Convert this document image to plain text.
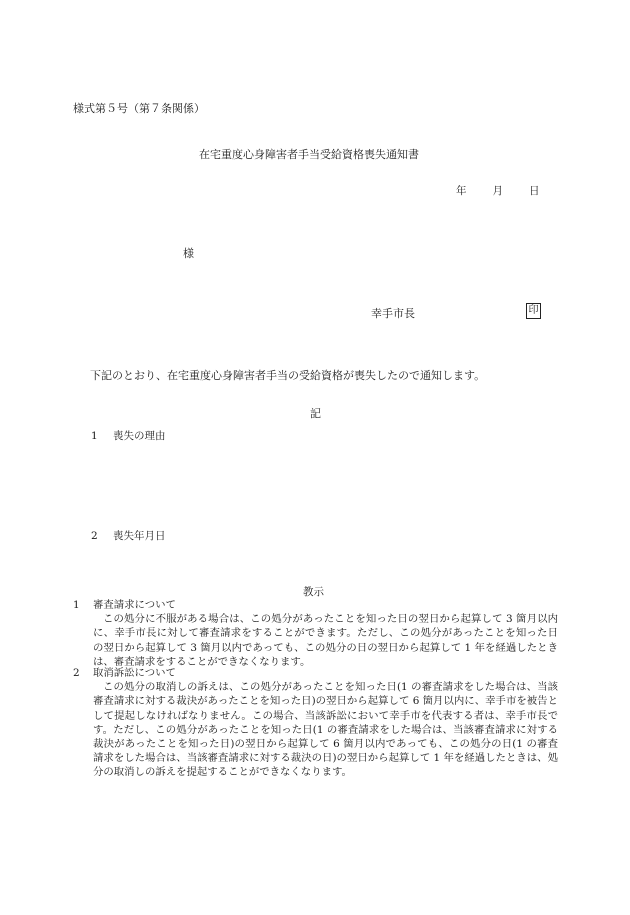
様式第５号（第７条関係）
在宅重度心身障害者手当受給資格喪失通知書
年 月 日
様
幸手市長	印
下記のとおり、在宅重度心身障害者手当の受給資格が喪失したので通知します。
記
1 喪失の理由
2 喪失年月日
教示
1 審査請求について
この処分に不服がある場合は、この処分があったことを知った日の翌日から起算して 3 箇月以内に、幸手市長に対して審査請求をすることができます。ただし、この処分があったことを知った日の翌日から起算して 3 箇月以内であっても、この処分の日の翌日から起算して 1 年を経過したときは、審査請求をすることができなくなります。
2 取消訴訟について
この処分の取消しの訴えは、この処分があったことを知った日(1 の審査請求をした場合は、当該審査請求に対する裁決があったことを知った日)の翌日から起算して 6 箇月以内に、幸手市を被告として提起しなければなりません。この場合、当該訴訟において幸手市を代表する者は、幸手市長です。ただし、この処分があったことを知った日(1 の審査請求をした場合は、当該審査請求に対する裁決があったことを知った日)の翌日から起算して 6 箇月以内であっても、この処分の日(1 の審査請求をした場合は、当該審査請求に対する裁決の日)の翌日から起算して 1 年を経過したときは、処分の取消しの訴えを提起することができなくなります。
